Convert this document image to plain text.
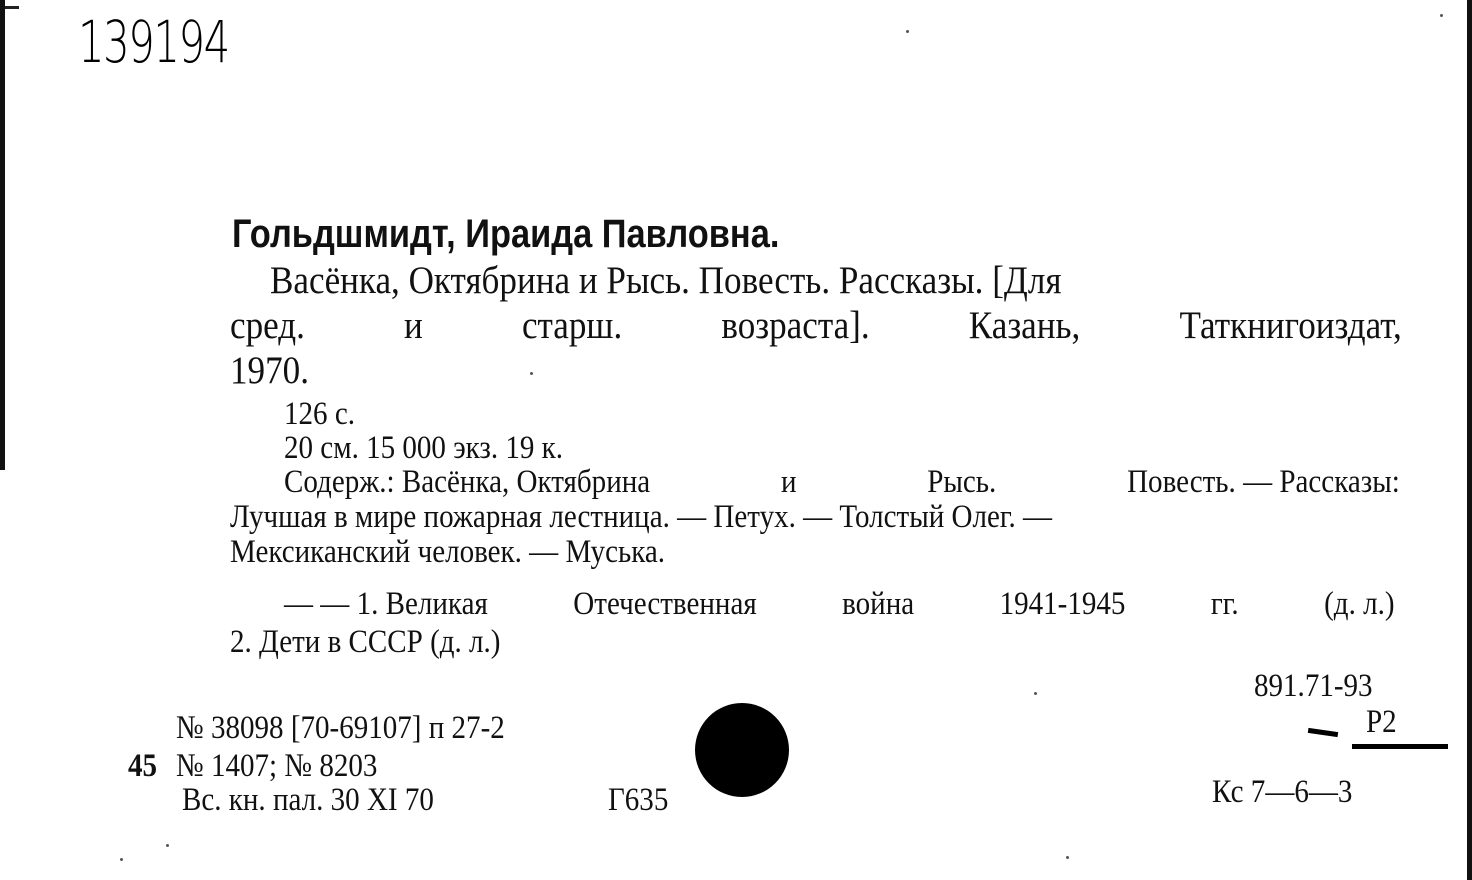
139194
Гольдшмидт, Ираида Павловна.
Васёнка, Октябрина и Рысь. Повесть. Рассказы. [Для
сред.	и	старш.	возраста].	Казань,	Таткнигоиздат,
1970.
126 с.
20 см. 15 000 экз. 19 к.
Содерж.: Васёнка, Октябрина	и	Рысь.	Повесть. — Рассказы:
Лучшая в мире пожарная лестница. — Петух. — Толстый Олег. —
Мексиканский человек. — Муська.
— — 1. Великая	Отечественная	война	1941-1945	гг.	(д. л.)
2. Дети в СССР (д. л.)
891.71-93
Р2
Кс 7—6—3
№ 38098 [70-69107] п 27-2
45 № 1407; № 8203
Вс. кн. пал. 30 XI 70	Г635
